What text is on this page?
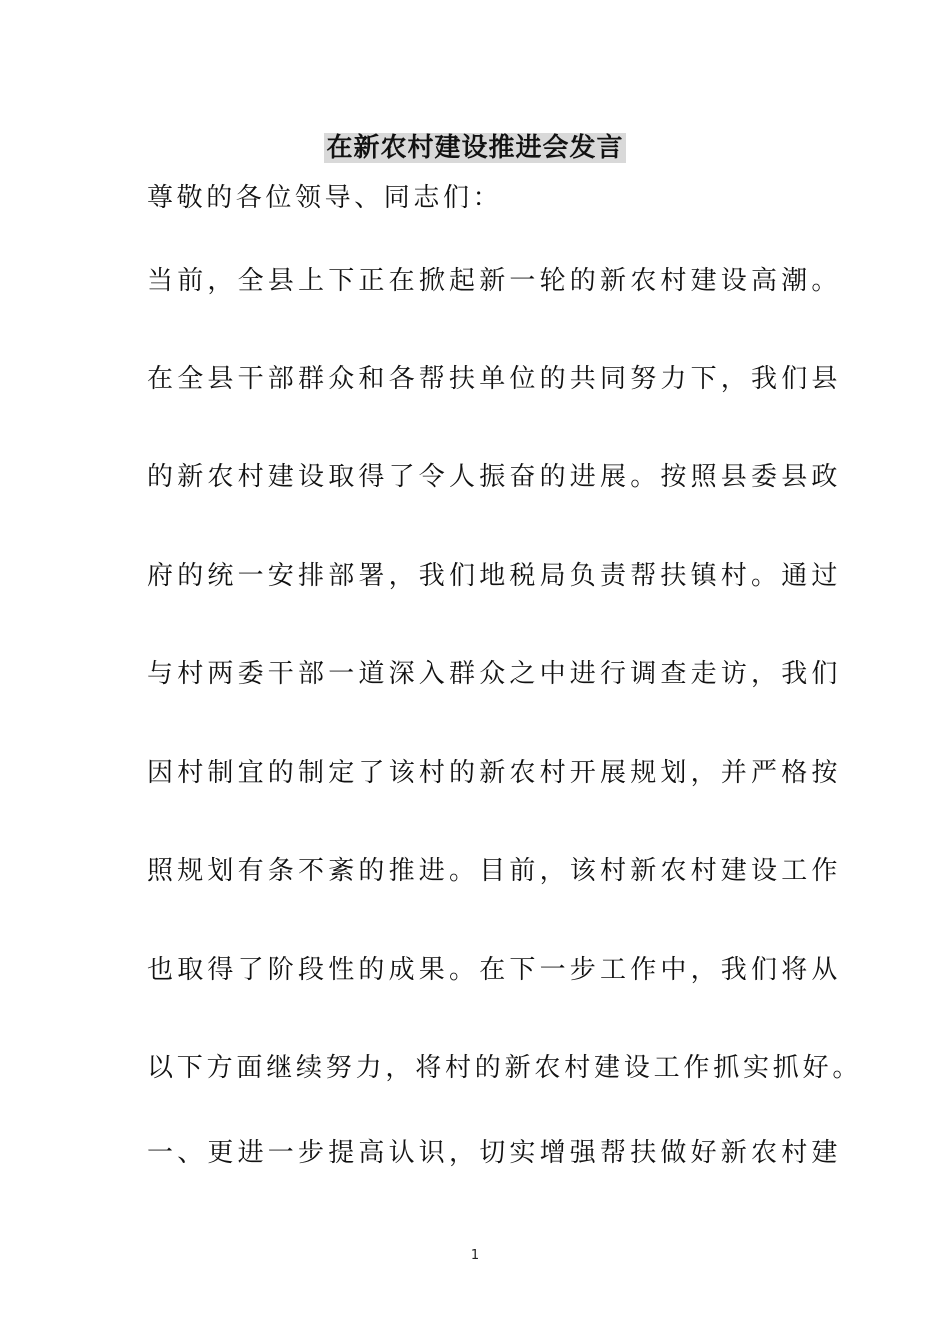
在新农村建设推进会发言
尊敬的各位领导、同志们：
当前，全县上下正在掀起新一轮的新农村建设高潮。
在全县干部群众和各帮扶单位的共同努力下，我们县
的新农村建设取得了令人振奋的进展。按照县委县政
府的统一安排部署，我们地税局负责帮扶镇村。通过
与村两委干部一道深入群众之中进行调查走访，我们
因村制宜的制定了该村的新农村开展规划，并严格按
照规划有条不紊的推进。目前，该村新农村建设工作
也取得了阶段性的成果。在下一步工作中，我们将从
以下方面继续努力，将村的新农村建设工作抓实抓好。
一、更进一步提高认识，切实增强帮扶做好新农村建
1
